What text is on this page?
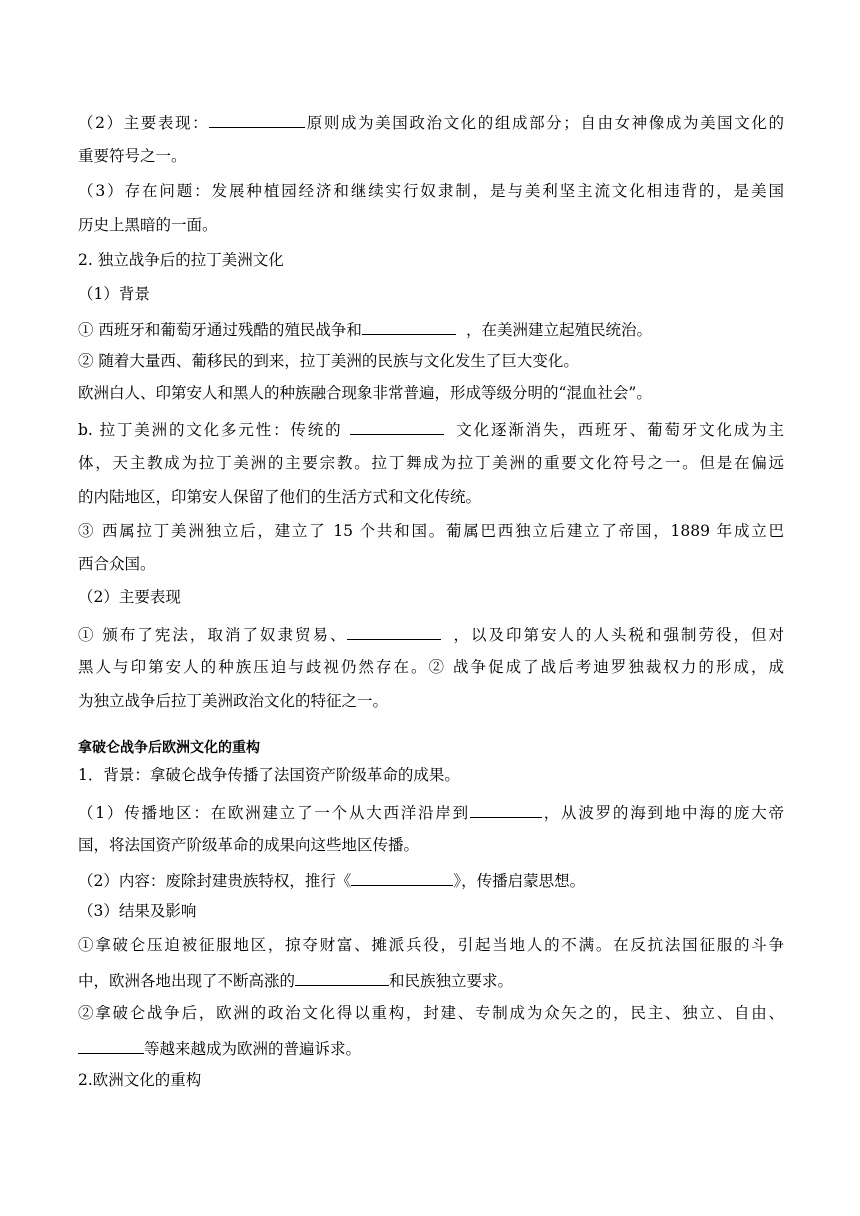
（2）主要表现：	原则成为美国政治文化的组成部分；自由女神像成为美国文化的
重要符号之一。
（3）存在问题：发展种植园经济和继续实行奴隶制，是与美利坚主流文化相违背的，是美国
历史上黑暗的一面。
2. 独立战争后的拉丁美洲文化
（1）背景
① 西班牙和葡萄牙通过残酷的殖民战争和	，在美洲建立起殖民统治。
② 随着大量西、葡移民的到来，拉丁美洲的民族与文化发生了巨大变化。
欧洲白人、印第安人和黑人的种族融合现象非常普遍，形成等级分明的“混血社会”。
b. 拉丁美洲的文化多元性：传统的	文化逐渐消失，西班牙、葡萄牙文化成为主
体，天主教成为拉丁美洲的主要宗教。拉丁舞成为拉丁美洲的重要文化符号之一。但是在偏远
的内陆地区，印第安人保留了他们的生活方式和文化传统。
③ 西属拉丁美洲独立后，建立了 15 个共和国。葡属巴西独立后建立了帝国，1889 年成立巴
西合众国。
（2）主要表现
① 颁布了宪法，取消了奴隶贸易、	，以及印第安人的人头税和强制劳役，但对
黑人与印第安人的种族压迫与歧视仍然存在。② 战争促成了战后考迪罗独裁权力的形成，成
为独立战争后拉丁美洲政治文化的特征之一。
拿破仑战争后欧洲文化的重构
1．背景：拿破仑战争传播了法国资产阶级革命的成果。
（1）传播地区：在欧洲建立了一个从大西洋沿岸到	，从波罗的海到地中海的庞大帝
国，将法国资产阶级革命的成果向这些地区传播。
（2）内容：废除封建贵族特权，推行《	》，传播启蒙思想。
（3）结果及影响
①拿破仑压迫被征服地区，掠夺财富、摊派兵役，引起当地人的不满。在反抗法国征服的斗争
中，欧洲各地出现了不断高涨的	和民族独立要求。
②拿破仑战争后，欧洲的政治文化得以重构，封建、专制成为众矢之的，民主、独立、自由、
等越来越成为欧洲的普遍诉求。
2.欧洲文化的重构
